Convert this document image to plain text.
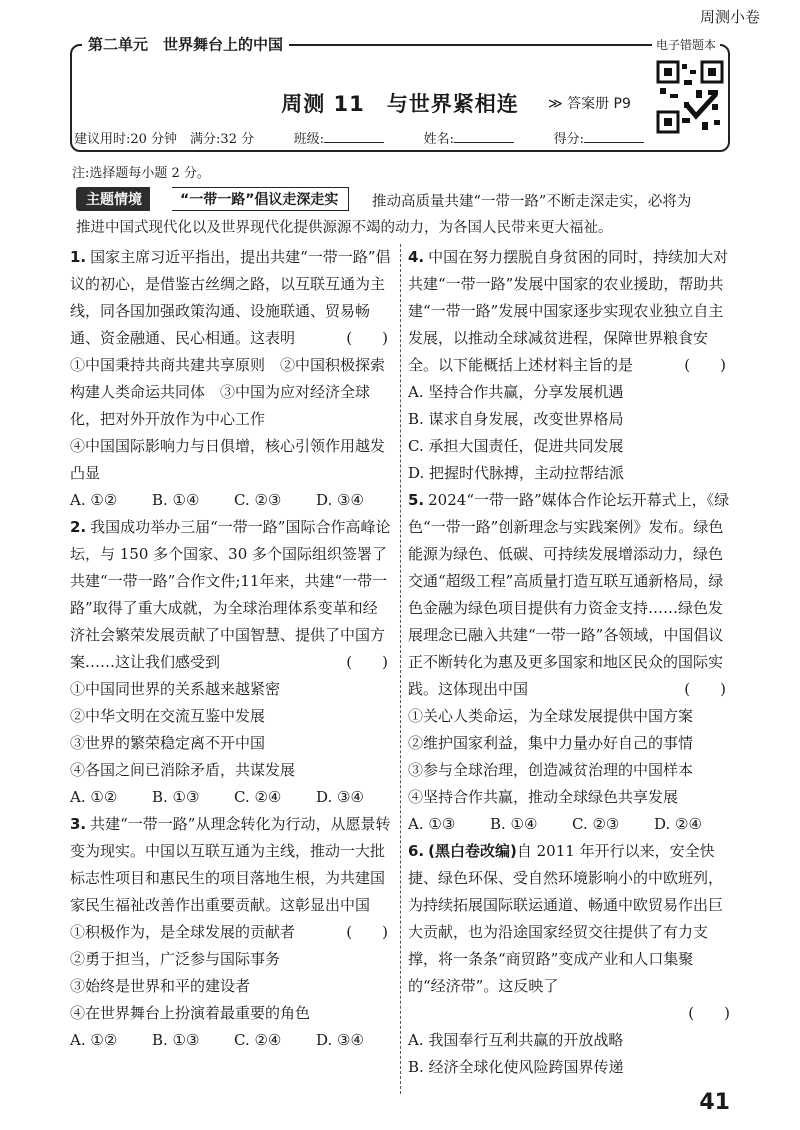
周测小卷
第二单元　世界舞台上的中国	电子错题本
周测 11　与世界紧相连	≫ 答案册 P9
建议用时:20 分钟　满分:32 分	班级:	姓名:	得分:
注:选择题每小题 2 分。
主题情境	“一带一路”倡议走深走实	推动高质量共建“一带一路”不断走深走实，必将为
推进中国式现代化以及世界现代化提供源源不竭的动力，为各国人民带来更大福祉。
1. 国家主席习近平指出，提出共建“一带一路”倡议的初心，是借鉴古丝绸之路，以互联互通为主线，同各国加强政策沟通、设施联通、贸易畅通、资金融通、民心相通。这表明	(　　)
①中国秉持共商共建共享原则　②中国积极探索构建人类命运共同体　③中国为应对经济全球化，把对外开放作为中心工作
④中国国际影响力与日俱增，核心引领作用越发凸显
A. ①②	B. ①④	C. ②③	D. ③④
2. 我国成功举办三届“一带一路”国际合作高峰论坛，与 150 多个国家、30 多个国际组织签署了共建“一带一路”合作文件;11年来，共建“一带一路”取得了重大成就，为全球治理体系变革和经济社会繁荣发展贡献了中国智慧、提供了中国方案……这让我们感受到	(　　)
①中国同世界的关系越来越紧密
②中华文明在交流互鉴中发展
③世界的繁荣稳定离不开中国
④各国之间已消除矛盾，共谋发展
A. ①②	B. ①③	C. ②④	D. ③④
3. 共建“一带一路”从理念转化为行动，从愿景转变为现实。中国以互联互通为主线，推动一大批标志性项目和惠民生的项目落地生根，为共建国家民生福祉改善作出重要贡献。这彰显出中国
(　　)
①积极作为，是全球发展的贡献者
②勇于担当，广泛参与国际事务
③始终是世界和平的建设者
④在世界舞台上扮演着最重要的角色
A. ①②	B. ①③	C. ②④	D. ③④
4. 中国在努力摆脱自身贫困的同时，持续加大对共建“一带一路”发展中国家的农业援助，帮助共建“一带一路”发展中国家逐步实现农业独立自主发展，以推动全球减贫进程，保障世界粮食安全。以下能概括上述材料主旨的是	(　　)
A. 坚持合作共赢，分享发展机遇
B. 谋求自身发展，改变世界格局
C. 承担大国责任，促进共同发展
D. 把握时代脉搏，主动拉帮结派
5. 2024“一带一路”媒体合作论坛开幕式上，《绿色“一带一路”创新理念与实践案例》发布。绿色能源为绿色、低碳、可持续发展增添动力，绿色交通“超级工程”高质量打造互联互通新格局，绿色金融为绿色项目提供有力资金支持……绿色发展理念已融入共建“一带一路”各领域，中国倡议正不断转化为惠及更多国家和地区民众的国际实践。这体现出中国	(　　)
①关心人类命运，为全球发展提供中国方案
②维护国家利益，集中力量办好自己的事情
③参与全球治理，创造减贫治理的中国样本
④坚持合作共赢，推动全球绿色共享发展
A. ①③	B. ①④	C. ②③	D. ②④
6. (黑白卷改编)自 2011 年开行以来，安全快捷、绿色环保、受自然环境影响小的中欧班列，为持续拓展国际联运通道、畅通中欧贸易作出巨大贡献，也为沿途国家经贸交往提供了有力支撑，将一条条“商贸路”变成产业和人口集聚的“经济带”。这反映了
(　　)
A. 我国奉行互利共赢的开放战略
B. 经济全球化使风险跨国界传递
41
